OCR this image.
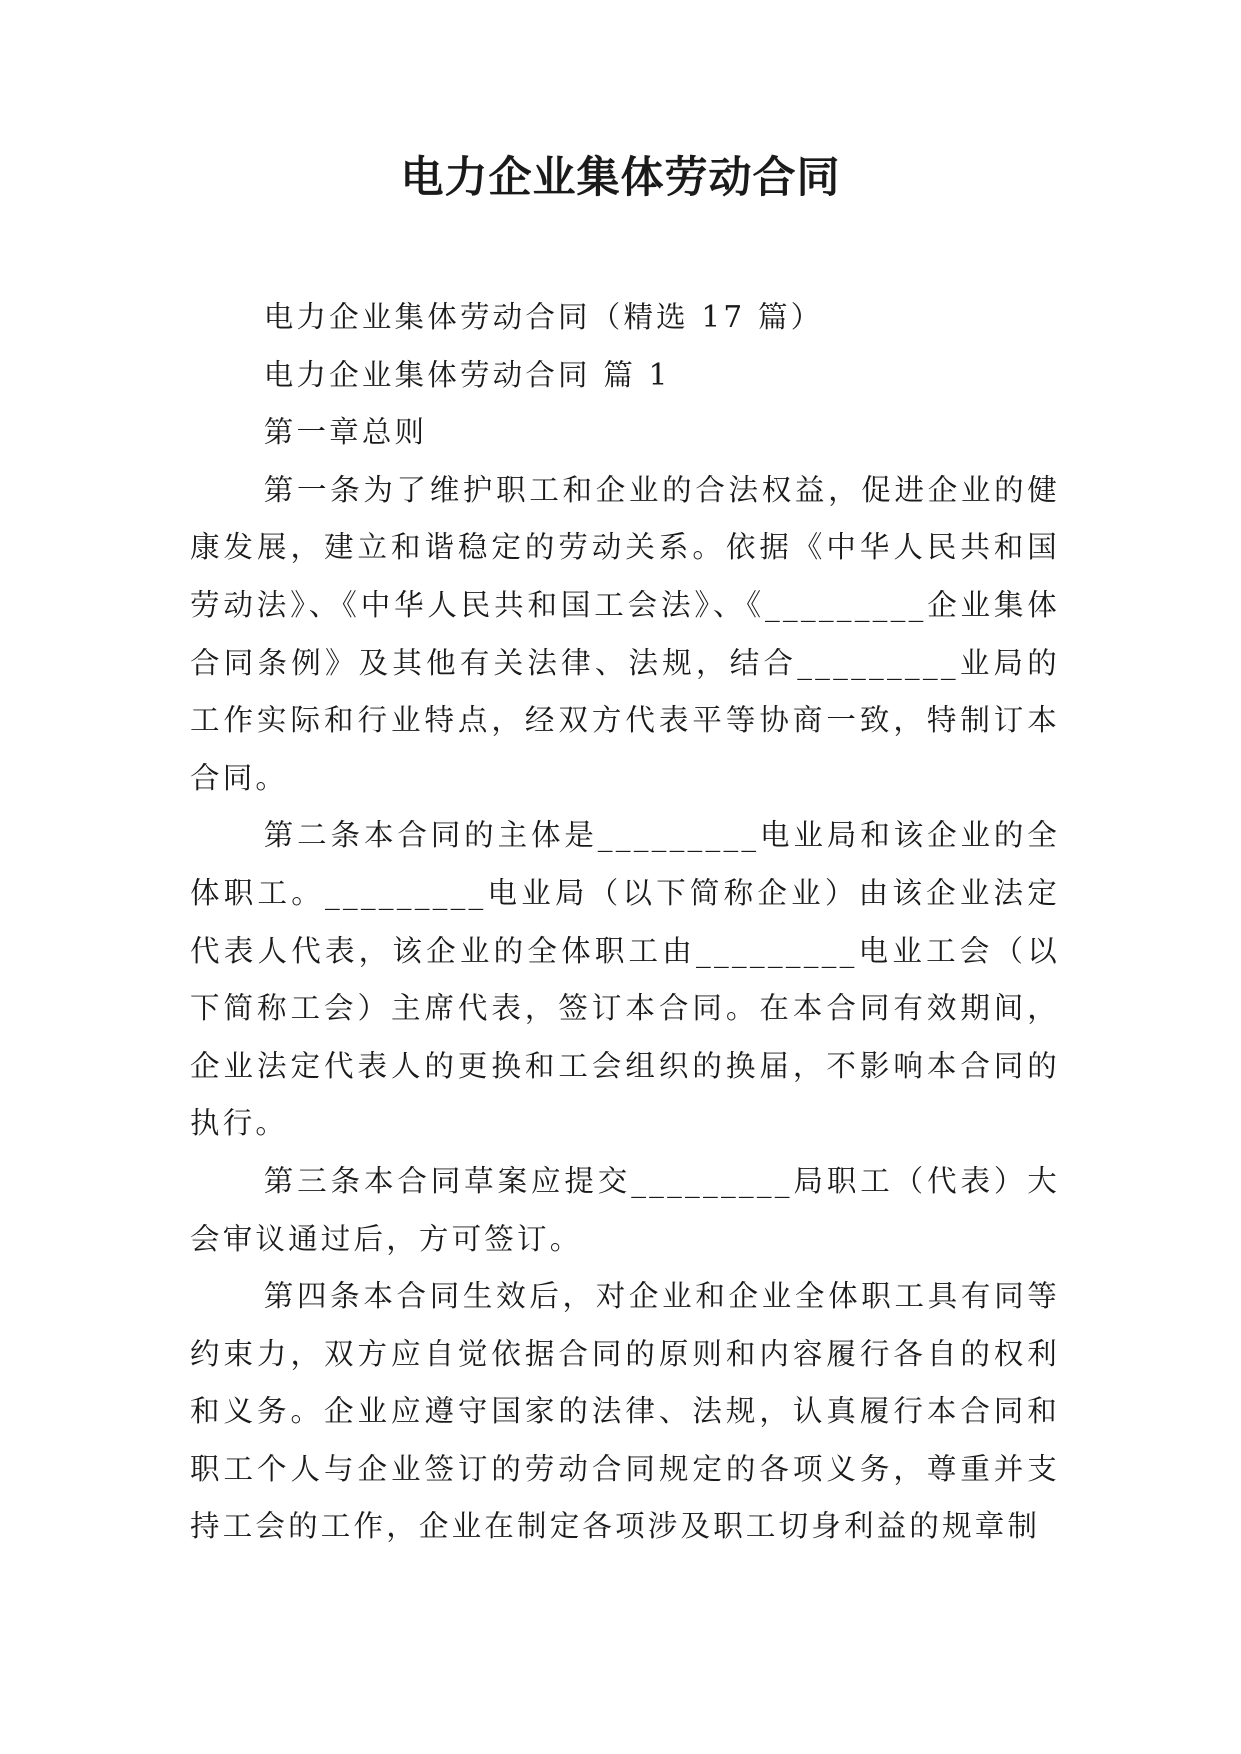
电力企业集体劳动合同

电力企业集体劳动合同（精选 17 篇）

电力企业集体劳动合同 篇 1

第一章总则

第一条为了维护职工和企业的合法权益，促进企业的健康发展，建立和谐稳定的劳动关系。依据《中华人民共和国劳动法》、《中华人民共和国工会法》、《_________企业集体合同条例》及其他有关法律、法规，结合_________业局的工作实际和行业特点，经双方代表平等协商一致，特制订本合同。

第二条本合同的主体是_________电业局和该企业的全体职工。_________电业局（以下简称企业）由该企业法定代表人代表，该企业的全体职工由_________电业工会（以下简称工会）主席代表，签订本合同。在本合同有效期间，企业法定代表人的更换和工会组织的换届，不影响本合同的执行。

第三条本合同草案应提交_________局职工（代表）大会审议通过后，方可签订。

第四条本合同生效后，对企业和企业全体职工具有同等约束力，双方应自觉依据合同的原则和内容履行各自的权利和义务。企业应遵守国家的法律、法规，认真履行本合同和职工个人与企业签订的劳动合同规定的各项义务，尊重并支持工会的工作，企业在制定各项涉及职工切身利益的规章制
